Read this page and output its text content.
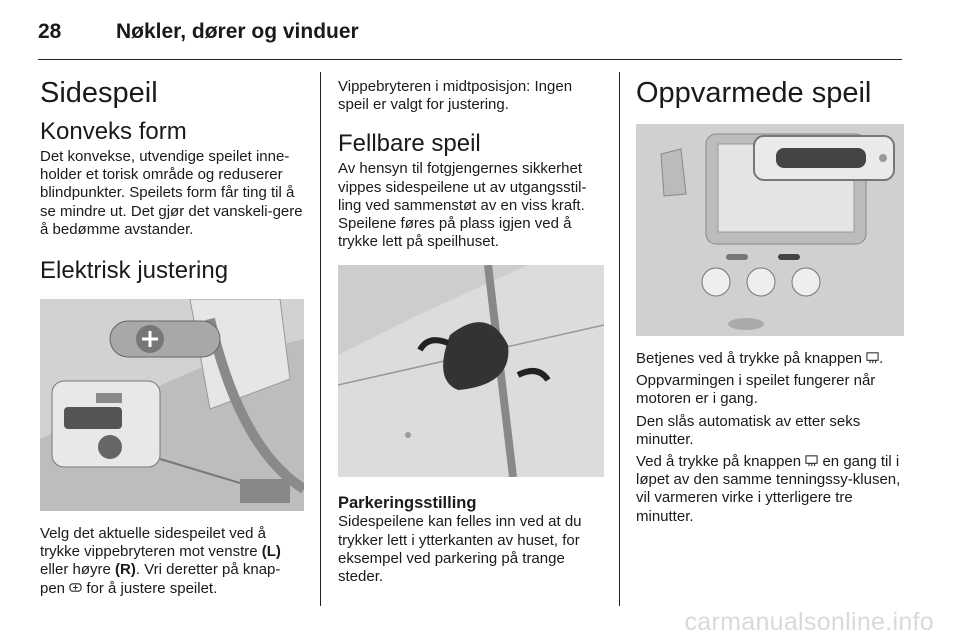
28	Nøkler, dører og vinduer
Sidespeil
Konveks form

Det konvekse, utvendige speilet inne-holder et torisk område og reduserer blindpunkter. Speilets form får ting til å se mindre ut. Det gjør det vanskeli-gere å bedømme avstander.

Elektrisk justering

Velg det aktuelle sidespeilet ved å trykke vippebryteren mot venstre (L) eller høyre (R). Vri deretter på knap-pen
for å justere speilet.

Vippebryteren i midtposisjon: Ingen speil er valgt for justering.

Fellbare speil

Av hensyn til fotgjengernes sikkerhet vippes sidespeilene ut av utgangsstil-ling ved sammenstøt av en viss kraft. Speilene føres på plass igjen ved å trykke lett på speilhuset.

Parkeringsstilling

Sidespeilene kan felles inn ved at du trykker lett i ytterkanten av huset, for eksempel ved parkering på trange steder.

Oppvarmede speil

Betjenes ved å trykke på knappen
.

Oppvarmingen i speilet fungerer når motoren er i gang.

Den slås automatisk av etter seks minutter.

Ved å trykke på knappen
en gang til i løpet av den samme tenningssy-klusen, vil varmeren virke i ytterligere tre minutter.

carmanualsonline.info
